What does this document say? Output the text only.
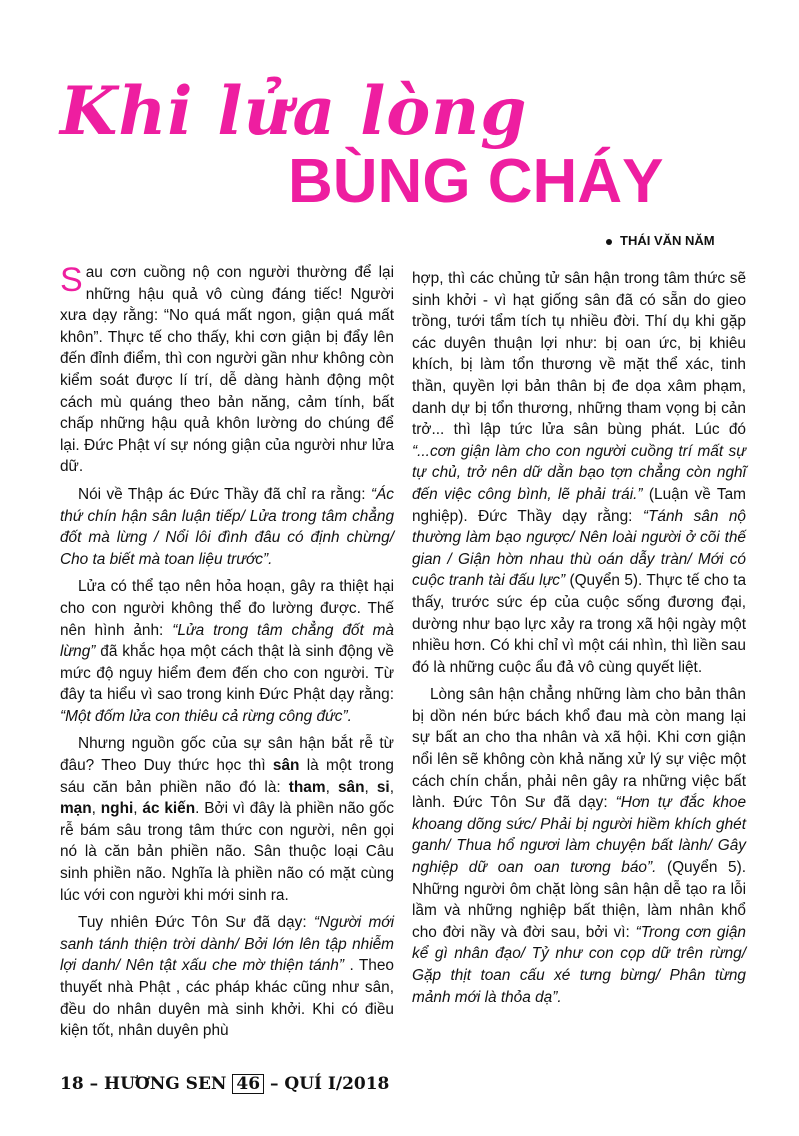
Khi lửa lòng
BÙNG CHÁY
THÁI VĂN NĂM

Sau cơn cuồng nộ con người thường để lại những hậu quả vô cùng đáng tiếc! Người xưa dạy rằng: “No quá mất ngon, giận quá mất khôn”. Thực tế cho thấy, khi cơn giận bị đẩy lên đến đỉnh điểm, thì con người gần như không còn kiểm soát được lí trí, dễ dàng hành động một cách mù quáng theo bản năng, cảm tính, bất chấp những hậu quả khôn lường do chúng để lại. Đức Phật ví sự nóng giận của người như lửa dữ.

Nói về Thập ác Đức Thầy đã chỉ ra rằng: “Ác thứ chín hận sân luận tiếp/ Lửa trong tâm chẳng đốt mà lừng / Nổi lôi đình đâu có định chừng/ Cho ta biết mà toan liệu trước”.

Lửa có thể tạo nên hỏa hoạn, gây ra thiệt hại cho con người không thể đo lường được. Thế nên hình ảnh: “Lửa trong tâm chẳng đốt mà lừng” đã khắc họa một cách thật là sinh động về mức độ nguy hiểm đem đến cho con người. Từ đây ta hiểu vì sao trong kinh Đức Phật dạy rằng: “Một đốm lửa con thiêu cả rừng công đức”.

Nhưng nguồn gốc của sự sân hận bắt rễ từ đâu? Theo Duy thức học thì sân là một trong sáu căn bản phiền não đó là: tham, sân, si, mạn, nghi, ác kiến. Bởi vì đây là phiền não gốc rễ bám sâu trong tâm thức con người, nên gọi nó là căn bản phiền não. Sân thuộc loại Câu sinh phiền não. Nghĩa là phiền não có mặt cùng lúc với con người khi mới sinh ra.

Tuy nhiên Đức Tôn Sư đã dạy: “Người mới sanh tánh thiện trời dành/ Bởi lớn lên tập nhiễm lợi danh/ Nên tật xấu che mờ thiện tánh” . Theo thuyết nhà Phật , các pháp khác cũng như sân, đều do nhân duyên mà sinh khởi. Khi có điều kiện tốt, nhân duyên phù

hợp, thì các chủng tử sân hận trong tâm thức sẽ sinh khởi - vì hạt giống sân đã có sẵn do gieo trồng, tưới tẩm tích tụ nhiều đời. Thí dụ khi gặp các duyên thuận lợi như: bị oan ức, bị khiêu khích, bị làm tổn thương về mặt thể xác, tinh thần, quyền lợi bản thân bị đe dọa xâm phạm, danh dự bị tổn thương, những tham vọng bị cản trở... thì lập tức lửa sân bùng phát. Lúc đó “...cơn giận làm cho con người cuồng trí mất sự tự chủ, trở nên dữ dằn bạo tợn chẳng còn nghĩ đến việc công bình, lẽ phải trái.” (Luận về Tam nghiệp). Đức Thầy dạy rằng: “Tánh sân nộ thường làm bạo ngược/ Nên loài người ở cõi thế gian / Giận hờn nhau thù oán dẫy tràn/ Mới có cuộc tranh tài đấu lực” (Quyển 5). Thực tế cho ta thấy, trước sức ép của cuộc sống đương đại, dường như bạo lực xảy ra trong xã hội ngày một nhiều hơn. Có khi chỉ vì một cái nhìn, thì liền sau đó là những cuộc ẩu đả vô cùng quyết liệt.

Lòng sân hận chẳng những làm cho bản thân bị dồn nén bức bách khổ đau mà còn mang lại sự bất an cho tha nhân và xã hội. Khi cơn giận nổi lên sẽ không còn khả năng xử lý sự việc một cách chín chắn, phải nên gây ra những việc bất lành. Đức Tôn Sư đã dạy: “Hơn tự đắc khoe khoang dõng sức/ Phải bị người hiềm khích ghét ganh/ Thua hổ ngươi làm chuyện bất lành/ Gây nghiệp dữ oan oan tương báo”. (Quyển 5). Những người ôm chặt lòng sân hận dễ tạo ra lỗi lầm và những nghiệp bất thiện, làm nhân khổ cho đời nầy và đời sau, bởi vì: “Trong cơn giận kể gì nhân đạo/ Tỷ như con cọp dữ trên rừng/ Gặp thịt toan cấu xé tưng bừng/ Phân từng mảnh mới là thỏa dạ”.

18 – HƯƠNG SEN 46 – QUÍ I/2018
